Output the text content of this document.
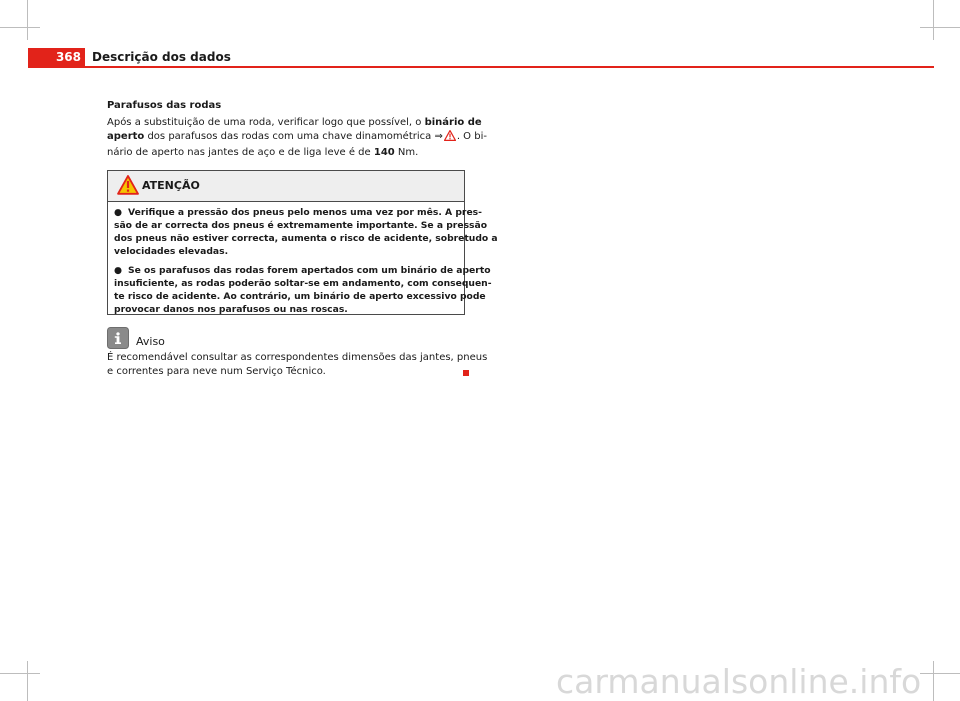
368 Descrição dos dados
Parafusos das rodas
Após a substituição de uma roda, verificar logo que possível, o binário de
aperto dos parafusos das rodas com uma chave dinamométrica ⇒ . O bi-
nário de aperto nas jantes de aço e de liga leve é de 140 Nm.
ATENÇÃO
● Verifique a pressão dos pneus pelo menos uma vez por mês. A pres-
são de ar correcta dos pneus é extremamente importante. Se a pressão
dos pneus não estiver correcta, aumenta o risco de acidente, sobretudo a
velocidades elevadas.
● Se os parafusos das rodas forem apertados com um binário de aperto
insuficiente, as rodas poderão soltar-se em andamento, com consequen-
te risco de acidente. Ao contrário, um binário de aperto excessivo pode
provocar danos nos parafusos ou nas roscas.
Aviso
É recomendável consultar as correspondentes dimensões das jantes, pneus
e correntes para neve num Serviço Técnico.
carmanualsonline.info
